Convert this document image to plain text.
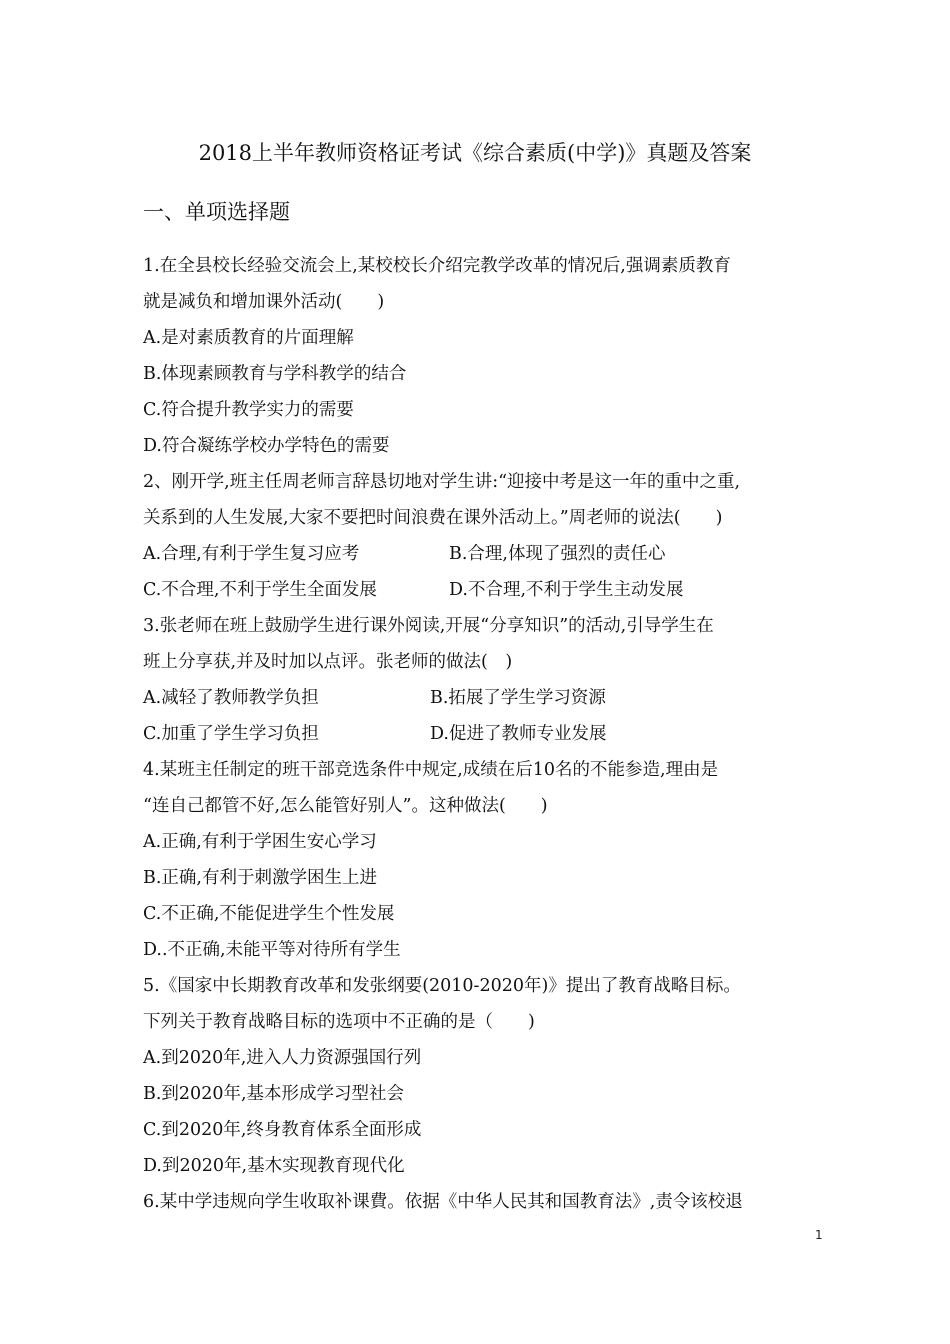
2018上半年教师资格证考试《综合素质(中学)》真题及答案
一、单项选择题
1.在全县校长经验交流会上,某校校长介绍完教学改革的情况后,强调素质教育
就是减负和增加课外活动(　　)
A.是对素质教育的片面理解
B.体现素顾教育与学科教学的结合
C.符合提升教学实力的需要
D.符合凝练学校办学特色的需要
2、刚开学,班主任周老师言辞恳切地对学生讲:“迎接中考是这一年的重中之重,
关系到的人生发展,大家不要把时间浪费在课外活动上。”周老师的说法(　　)
A.合理,有利于学生复习应考	B.合理,体现了强烈的责任心
C.不合理,不利于学生全面发展	D.不合理,不利于学生主动发展
3.张老师在班上鼓励学生进行课外阅读,开展“分享知识”的活动,引导学生在
班上分享获,并及时加以点评。张老师的做法(　)
A.减轻了教师教学负担	B.拓展了学生学习资源
C.加重了学生学习负担	D.促进了教师专业发展
4.某班主任制定的班干部竞选条件中规定,成绩在后10名的不能参造,理由是
“连自己都管不好,怎么能管好别人”。这种做法(　　)
A.正确,有利于学困生安心学习
B.正确,有利于刺激学困生上进
C.不正确,不能促进学生个性发展
D..不正确,未能平等对待所有学生
5.《国家中长期教育改革和发张纲要(2010-2020年)》提出了教育战略目标。
下列关于教育战略目标的选项中不正确的是（　　)
A.到2020年,进入人力资源强国行列
B.到2020年,基本形成学习型社会
C.到2020年,终身教育体系全面形成
D.到2020年,基木实现教育现代化
6.某中学违规向学生收取补课費。依据《中华人民其和国教育法》,责令该校退
1
